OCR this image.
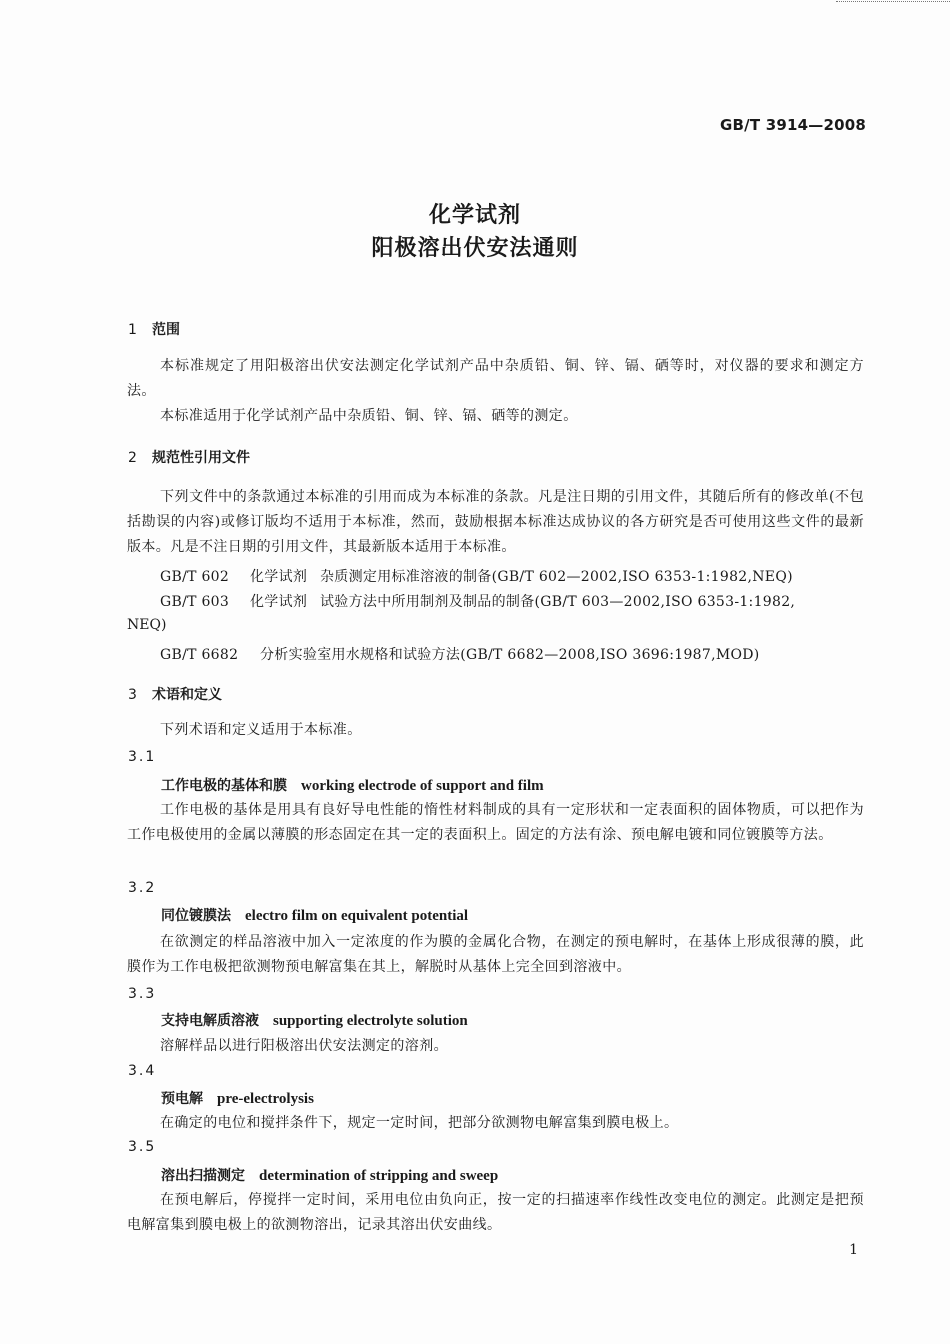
GB/T 3914—2008
化学试剂
阳极溶出伏安法通则
1 范围
本标准规定了用阳极溶出伏安法测定化学试剂产品中杂质铅、铜、锌、镉、硒等时，对仪器的要求和测定方法。
本标准适用于化学试剂产品中杂质铅、铜、锌、镉、硒等的测定。
2 规范性引用文件
下列文件中的条款通过本标准的引用而成为本标准的条款。凡是注日期的引用文件，其随后所有的修改单(不包括勘误的内容)或修订版均不适用于本标准，然而，鼓励根据本标准达成协议的各方研究是否可使用这些文件的最新版本。凡是不注日期的引用文件，其最新版本适用于本标准。
GB/T 602 化学试剂 杂质测定用标准溶液的制备(GB/T 602—2002,ISO 6353-1:1982,NEQ)
GB/T 603 化学试剂 试验方法中所用制剂及制品的制备(GB/T 603—2002,ISO 6353-1:1982,
NEQ)
GB/T 6682 分析实验室用水规格和试验方法(GB/T 6682—2008,ISO 3696:1987,MOD)
3 术语和定义
下列术语和定义适用于本标准。
3.1
工作电极的基体和膜 working electrode of support and film
工作电极的基体是用具有良好导电性能的惰性材料制成的具有一定形状和一定表面积的固体物质，可以把作为工作电极使用的金属以薄膜的形态固定在其一定的表面积上。固定的方法有涂、预电解电镀和同位镀膜等方法。
3.2
同位镀膜法 electro film on equivalent potential
在欲测定的样品溶液中加入一定浓度的作为膜的金属化合物，在测定的预电解时，在基体上形成很薄的膜，此膜作为工作电极把欲测物预电解富集在其上，解脱时从基体上完全回到溶液中。
3.3
支持电解质溶液 supporting electrolyte solution
溶解样品以进行阳极溶出伏安法测定的溶剂。
3.4
预电解 pre-electrolysis
在确定的电位和搅拌条件下，规定一定时间，把部分欲测物电解富集到膜电极上。
3.5
溶出扫描测定 determination of stripping and sweep
在预电解后，停搅拌一定时间，采用电位由负向正，按一定的扫描速率作线性改变电位的测定。此测定是把预电解富集到膜电极上的欲测物溶出，记录其溶出伏安曲线。
1
